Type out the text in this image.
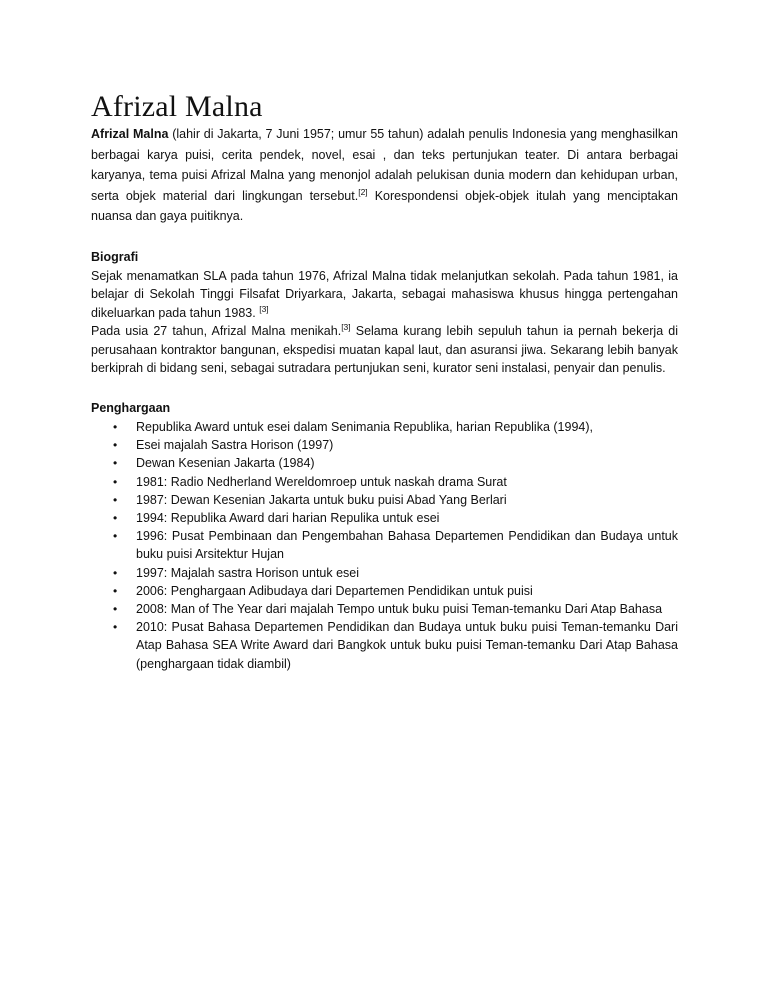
Afrizal Malna

Afrizal Malna (lahir di Jakarta, 7 Juni 1957; umur 55 tahun) adalah penulis Indonesia yang menghasilkan berbagai karya puisi, cerita pendek, novel, esai , dan teks pertunjukan teater. Di antara berbagai karyanya, tema puisi Afrizal Malna yang menonjol adalah pelukisan dunia modern dan kehidupan urban, serta objek material dari lingkungan tersebut.[2] Korespondensi objek-objek itulah yang menciptakan nuansa dan gaya puitiknya.

Biografi

Sejak menamatkan SLA pada tahun 1976, Afrizal Malna tidak melanjutkan sekolah. Pada tahun 1981, ia belajar di Sekolah Tinggi Filsafat Driyarkara, Jakarta, sebagai mahasiswa khusus hingga pertengahan dikeluarkan pada tahun 1983. [3]

Pada usia 27 tahun, Afrizal Malna menikah.[3] Selama kurang lebih sepuluh tahun ia pernah bekerja di perusahaan kontraktor bangunan, ekspedisi muatan kapal laut, dan asuransi jiwa. Sekarang lebih banyak berkiprah di bidang seni, sebagai sutradara pertunjukan seni, kurator seni instalasi, penyair dan penulis.

Penghargaan
• Republika Award untuk esei dalam Senimania Republika, harian Republika (1994),
• Esei majalah Sastra Horison (1997)
• Dewan Kesenian Jakarta (1984)
• 1981: Radio Nedherland Wereldomroep untuk naskah drama Surat
• 1987: Dewan Kesenian Jakarta untuk buku puisi Abad Yang Berlari
• 1994: Republika Award dari harian Repulika untuk esei
• 1996: Pusat Pembinaan dan Pengembahan Bahasa Departemen Pendidikan dan Budaya untuk buku puisi Arsitektur Hujan
• 1997: Majalah sastra Horison untuk esei
• 2006: Penghargaan Adibudaya dari Departemen Pendidikan untuk puisi
• 2008: Man of The Year dari majalah Tempo untuk buku puisi Teman-temanku Dari Atap Bahasa
• 2010: Pusat Bahasa Departemen Pendidikan dan Budaya untuk buku puisi Teman-temanku Dari Atap Bahasa SEA Write Award dari Bangkok untuk buku puisi Teman-temanku Dari Atap Bahasa (penghargaan tidak diambil)
